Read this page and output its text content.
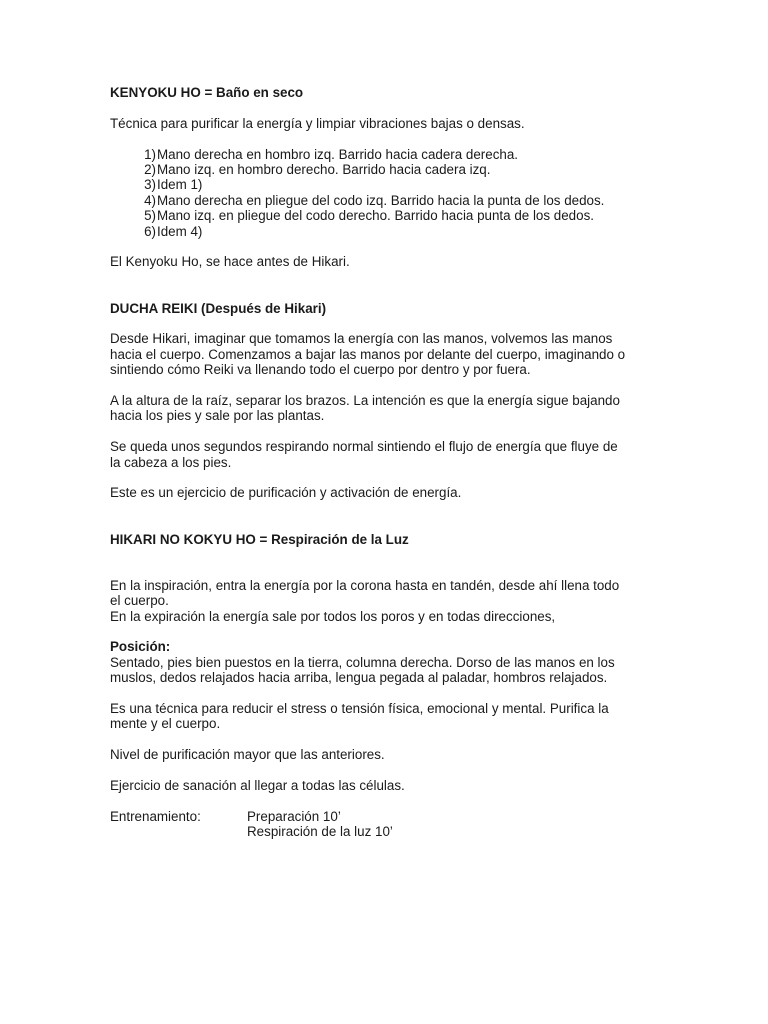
KENYOKU HO = Baño en seco

Técnica para purificar la energía y limpiar vibraciones bajas o densas.

1) Mano derecha en hombro izq. Barrido hacia cadera derecha.
2) Mano izq. en hombro derecho. Barrido hacia cadera izq.
3) Idem 1)
4) Mano derecha en pliegue del codo izq. Barrido hacia la punta de los dedos.
5) Mano izq. en pliegue del codo derecho. Barrido hacia punta de los dedos.
6) Idem 4)

El Kenyoku Ho, se hace antes de Hikari.

DUCHA REIKI (Después de Hikari)

Desde Hikari, imaginar que tomamos la energía con las manos, volvemos las manos

hacia el cuerpo. Comenzamos a bajar las manos por delante del cuerpo, imaginando o

sintiendo cómo Reiki va llenando todo el cuerpo por dentro y por fuera.

A la altura de la raíz, separar los brazos. La intención es que la energía sigue bajando

hacia los pies y sale por las plantas.

Se queda unos segundos respirando normal sintiendo el flujo de energía que fluye de

la cabeza a los pies.

Este es un ejercicio de purificación y activación de energía.

HIKARI NO KOKYU HO = Respiración de la Luz

En la inspiración, entra la energía por la corona hasta en tandén, desde ahí llena todo

el cuerpo.

En la expiración la energía sale por todos los poros y en todas direcciones,

Posición:

Sentado, pies bien puestos en la tierra, columna derecha. Dorso de las manos en los

muslos, dedos relajados hacia arriba, lengua pegada al paladar, hombros relajados.

Es una técnica para reducir el stress o tensión física, emocional y mental. Purifica la

mente y el cuerpo.

Nivel de purificación mayor que las anteriores.

Ejercicio de sanación al llegar a todas las células.

Entrenamiento:	Preparación 10’
Respiración de la luz 10’
